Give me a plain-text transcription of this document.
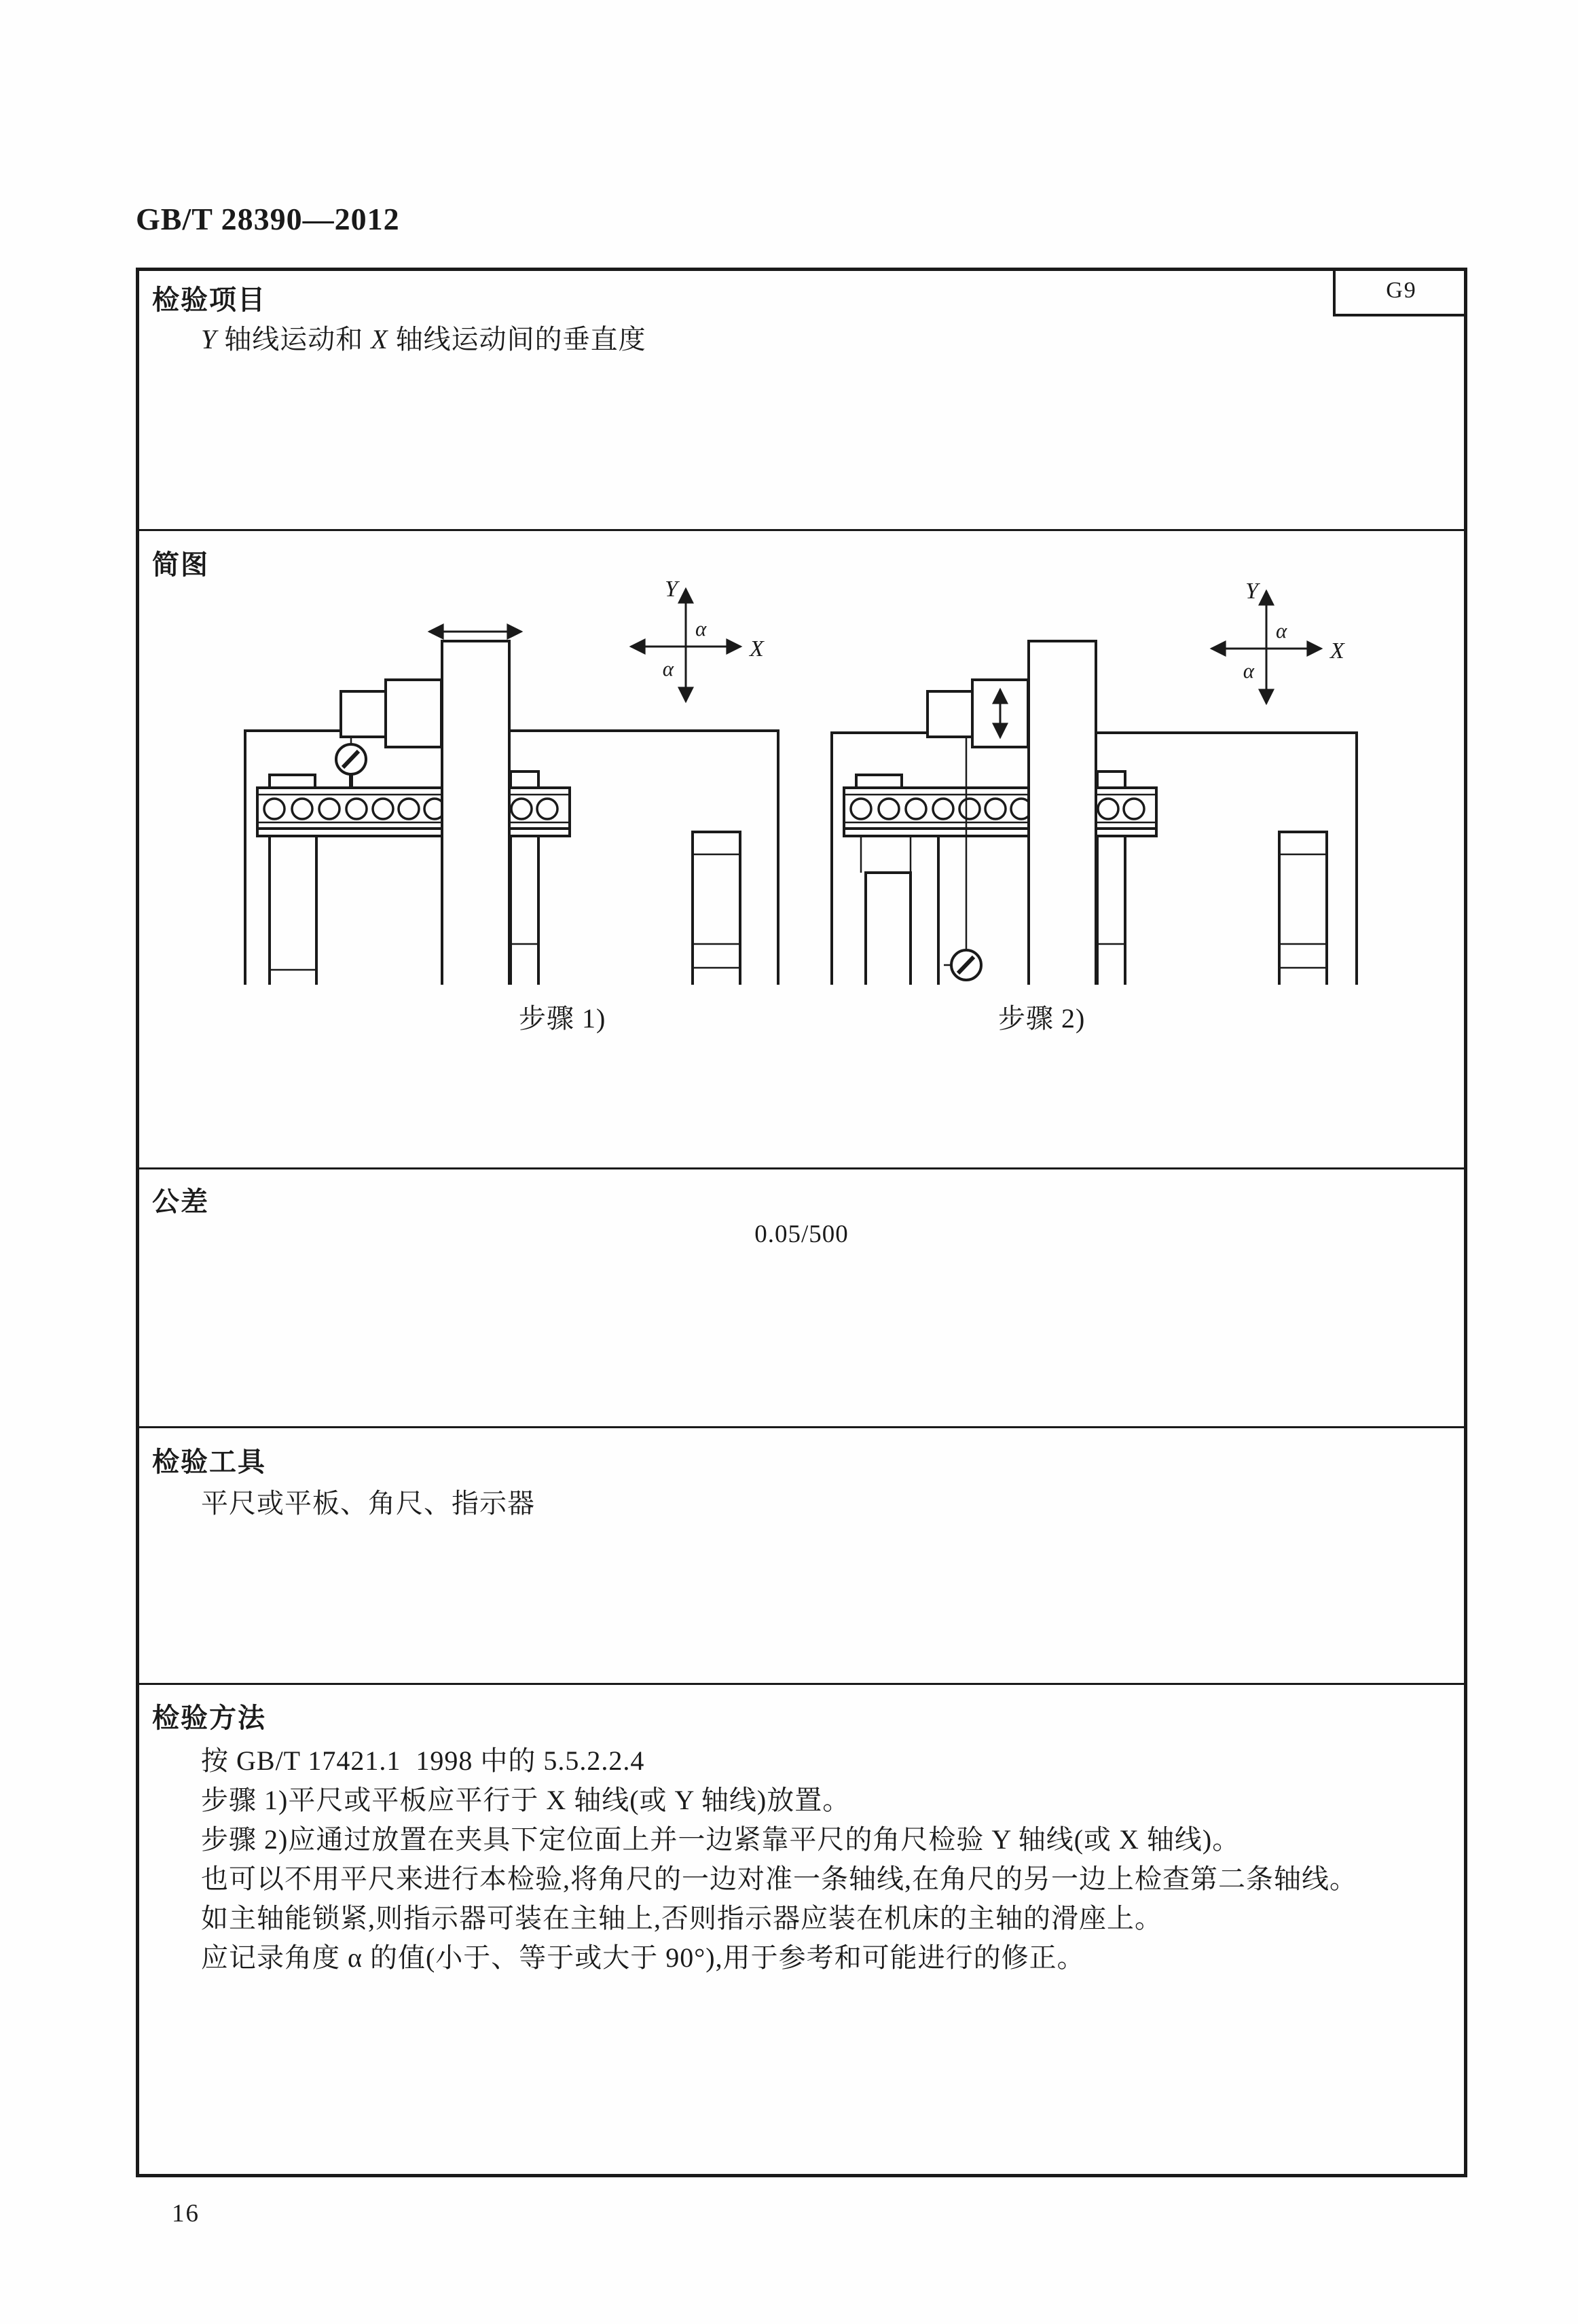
GB/T 28390—2012
G9
检验项目
Y 轴线运动和 X 轴线运动间的垂直度
简图
Y
X
α
α
Y
X
α
α
步骤 1)	步骤 2)
公差
0.05/500
检验工具
平尺或平板、角尺、指示器
检验方法
按 GB/T 17421.1  1998 中的 5.5.2.2.4
步骤 1)平尺或平板应平行于 X 轴线(或 Y 轴线)放置。
步骤 2)应通过放置在夹具下定位面上并一边紧靠平尺的角尺检验 Y 轴线(或 X 轴线)。
也可以不用平尺来进行本检验,将角尺的一边对准一条轴线,在角尺的另一边上检查第二条轴线。
如主轴能锁紧,则指示器可装在主轴上,否则指示器应装在机床的主轴的滑座上。
应记录角度 α 的值(小于、等于或大于 90°),用于参考和可能进行的修正。
16
